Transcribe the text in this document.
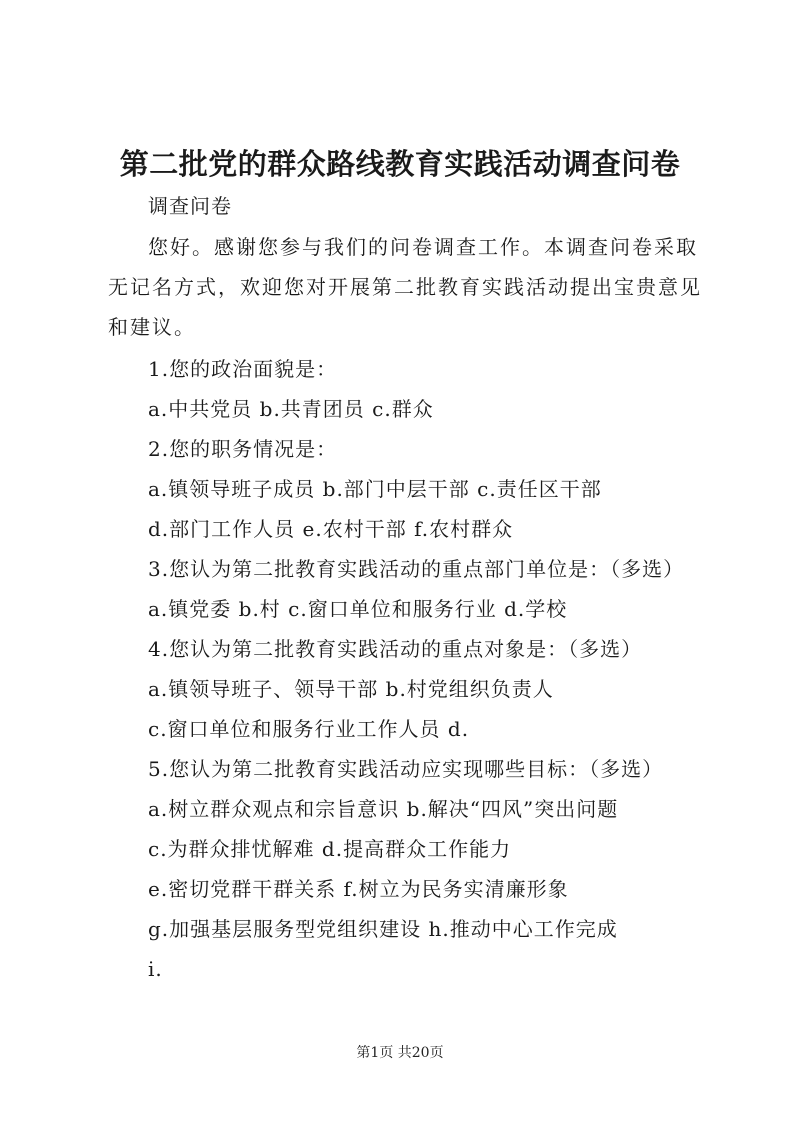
第二批党的群众路线教育实践活动调查问卷
调查问卷
您好。感谢您参与我们的问卷调查工作。本调查问卷采取无记名方式，欢迎您对开展第二批教育实践活动提出宝贵意见和建议。
1.您的政治面貌是：
a.中共党员 b.共青团员 c.群众
2.您的职务情况是：
a.镇领导班子成员 b.部门中层干部 c.责任区干部
d.部门工作人员 e.农村干部 f.农村群众
3.您认为第二批教育实践活动的重点部门单位是：（多选）
a.镇党委 b.村 c.窗口单位和服务行业 d.学校
4.您认为第二批教育实践活动的重点对象是：（多选）
a.镇领导班子、领导干部 b.村党组织负责人
c.窗口单位和服务行业工作人员 d.
5.您认为第二批教育实践活动应实现哪些目标：（多选）
a.树立群众观点和宗旨意识 b.解决“四风”突出问题
c.为群众排忧解难 d.提高群众工作能力
e.密切党群干群关系 f.树立为民务实清廉形象
g.加强基层服务型党组织建设 h.推动中心工作完成
i.
第1页 共20页
